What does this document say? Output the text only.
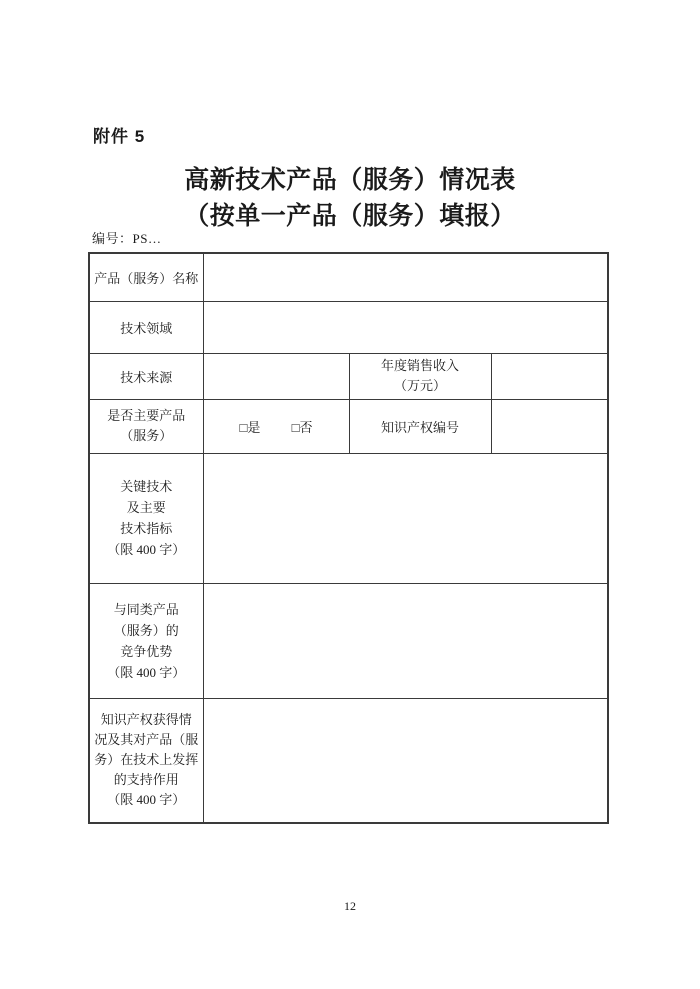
附件 5
高新技术产品（服务）情况表
（按单一产品（服务）填报）
编号：PS…
产品（服务）名称			
技术领域			
技术来源		年度销售收入
（万元）	

是否主要产品
（服务）	□是 □否	知识产权编号	

关键技术
及主要
技术指标
（限 400 字）			

与同类产品
（服务）的
竞争优势
（限 400 字）			

知识产权获得情
况及其对产品（服
务）在技术上发挥
的支持作用
（限 400 字）			

12
